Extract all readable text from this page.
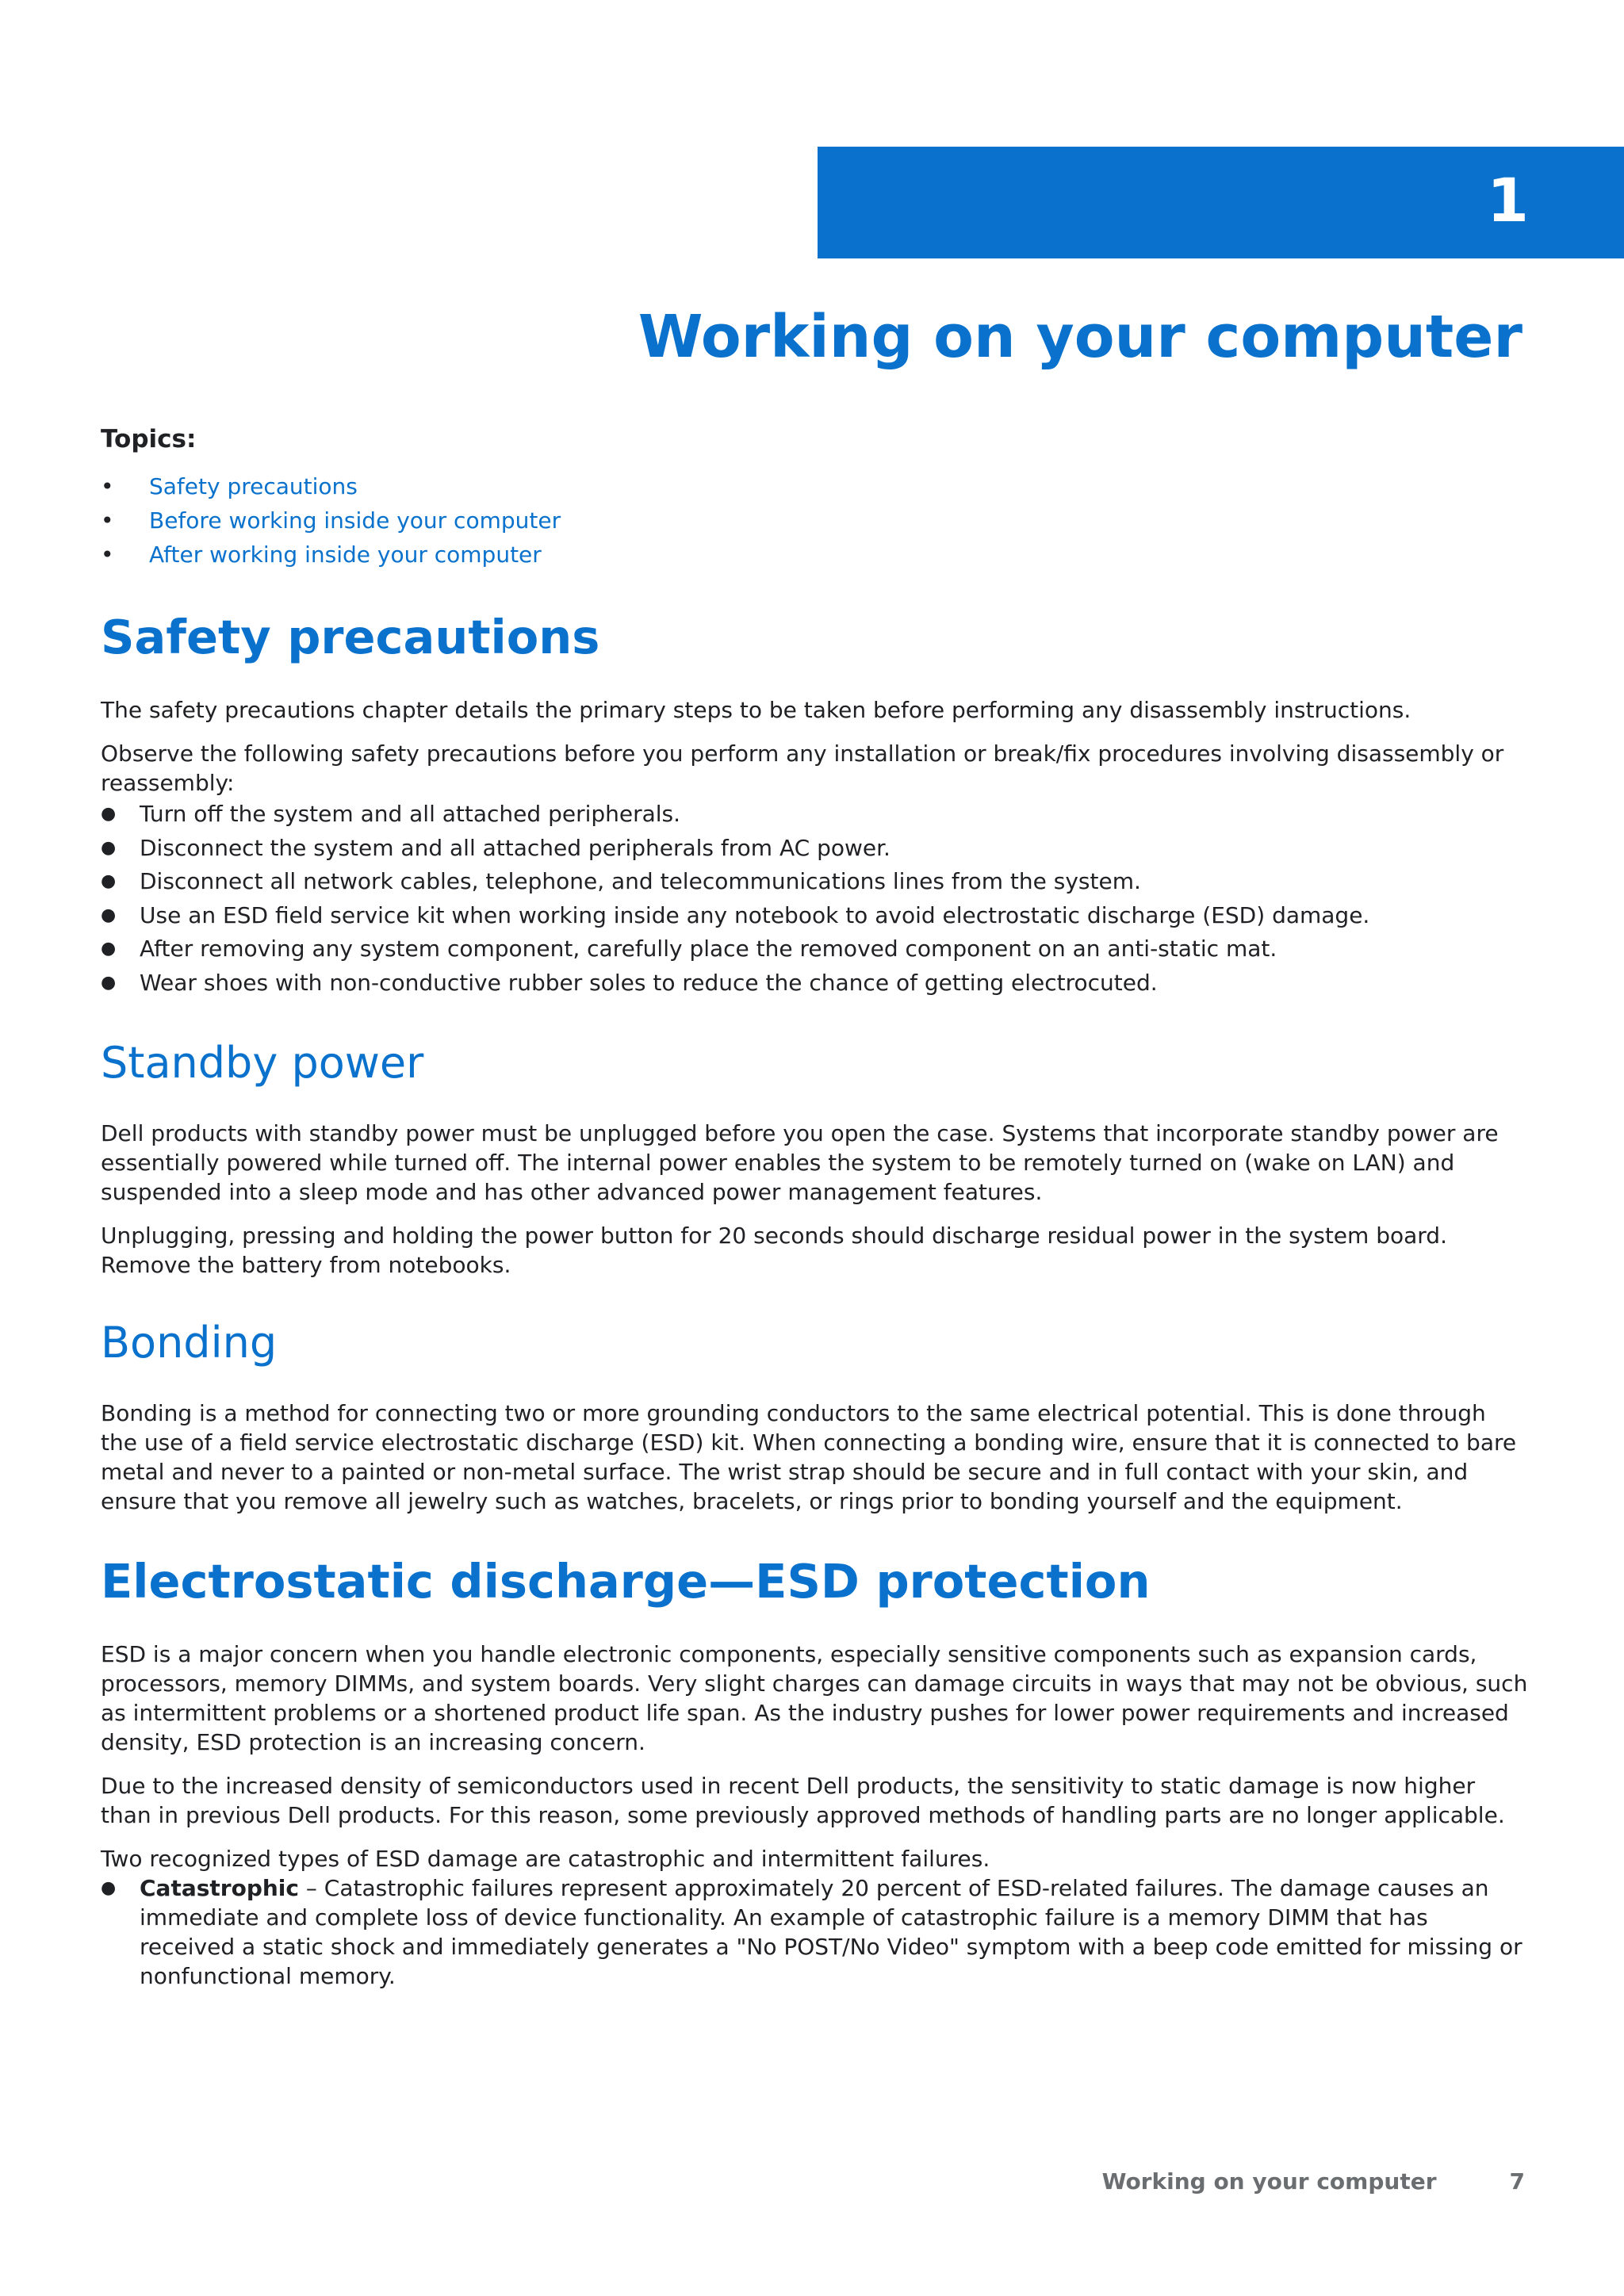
1
Working on your computer
Topics:
• Safety precautions
• Before working inside your computer
• After working inside your computer
Safety precautions

The safety precautions chapter details the primary steps to be taken before performing any disassembly instructions.

Observe the following safety precautions before you perform any installation or break/fix procedures involving disassembly or reassembly:

● Turn off the system and all attached peripherals.
● Disconnect the system and all attached peripherals from AC power.
● Disconnect all network cables, telephone, and telecommunications lines from the system.
● Use an ESD field service kit when working inside any notebook to avoid electrostatic discharge (ESD) damage.
● After removing any system component, carefully place the removed component on an anti-static mat.
● Wear shoes with non-conductive rubber soles to reduce the chance of getting electrocuted.
Standby power

Dell products with standby power must be unplugged before you open the case. Systems that incorporate standby power are essentially powered while turned off. The internal power enables the system to be remotely turned on (wake on LAN) and suspended into a sleep mode and has other advanced power management features.

Unplugging, pressing and holding the power button for 20 seconds should discharge residual power in the system board. Remove the battery from notebooks.

Bonding

Bonding is a method for connecting two or more grounding conductors to the same electrical potential. This is done through the use of a field service electrostatic discharge (ESD) kit. When connecting a bonding wire, ensure that it is connected to bare metal and never to a painted or non-metal surface. The wrist strap should be secure and in full contact with your skin, and ensure that you remove all jewelry such as watches, bracelets, or rings prior to bonding yourself and the equipment.

Electrostatic discharge—ESD protection

ESD is a major concern when you handle electronic components, especially sensitive components such as expansion cards, processors, memory DIMMs, and system boards. Very slight charges can damage circuits in ways that may not be obvious, such as intermittent problems or a shortened product life span. As the industry pushes for lower power requirements and increased density, ESD protection is an increasing concern.

Due to the increased density of semiconductors used in recent Dell products, the sensitivity to static damage is now higher than in previous Dell products. For this reason, some previously approved methods of handling parts are no longer applicable.

Two recognized types of ESD damage are catastrophic and intermittent failures.

● Catastrophic – Catastrophic failures represent approximately 20 percent of ESD-related failures. The damage causes an immediate and complete loss of device functionality. An example of catastrophic failure is a memory DIMM that has received a static shock and immediately generates a "No POST/No Video" symptom with a beep code emitted for missing or nonfunctional memory.
Working on your computer	7
